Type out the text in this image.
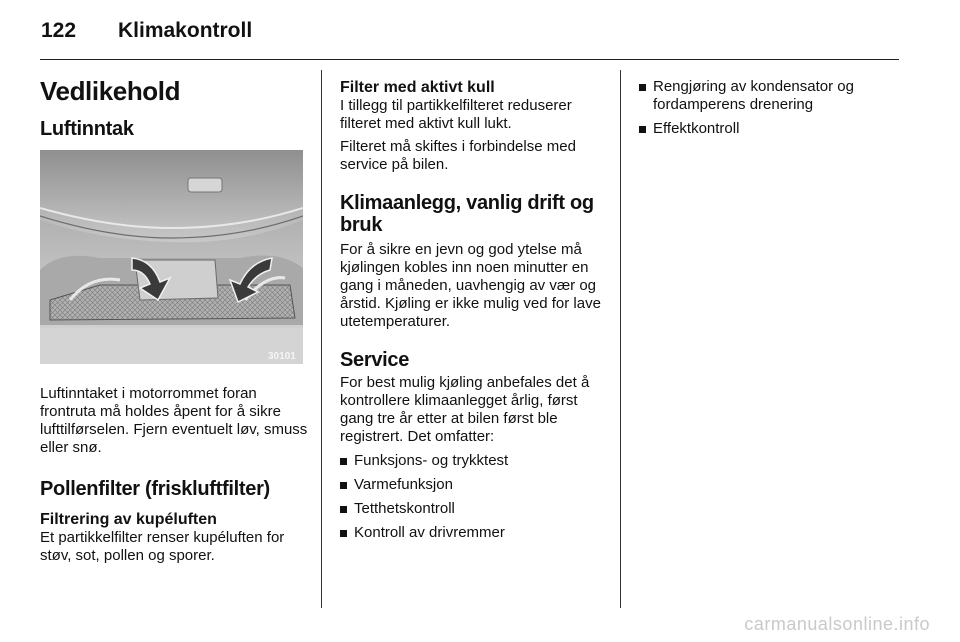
122 Klimakontroll
Vedlikehold
Luftinntak
30101

Luftinntaket i motorrommet foran frontruta må holdes åpent for å sikre lufttilførselen. Fjern eventuelt løv, smuss eller snø.

Pollenfilter (friskluftfilter)
Filtrering av kupéluften

Et partikkelfilter renser kupéluften for støv, sot, pollen og sporer.

Filter med aktivt kull

I tillegg til partikkelfilteret reduserer filteret med aktivt kull lukt.

Filteret må skiftes i forbindelse med service på bilen.

Klimaanlegg, vanlig drift og bruk

For å sikre en jevn og god ytelse må kjølingen kobles inn noen minutter en gang i måneden, uavhengig av vær og årstid. Kjøling er ikke mulig ved for lave utetemperaturer.

Service

For best mulig kjøling anbefales det å kontrollere klimaanlegget årlig, først gang tre år etter at bilen først ble registrert. Det omfatter:

Funksjons- og trykktest
Varmefunksjon
Tetthetskontroll
Kontroll av drivremmer
Rengjøring av kondensator og fordamperens drenering
Effektkontroll
carmanualsonline.info
